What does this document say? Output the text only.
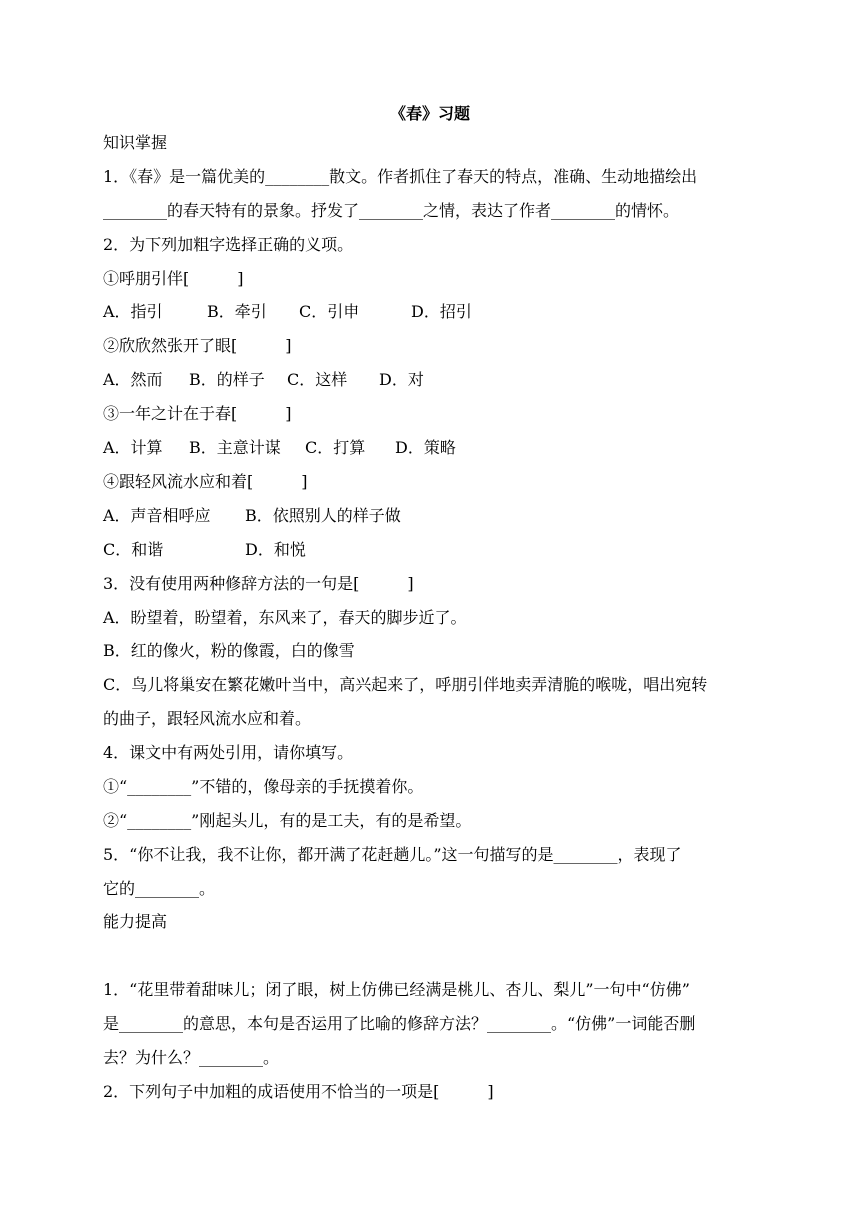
《春》习题
知识掌握
1．《春》是一篇优美的________散文。作者抓住了春天的特点，准确、生动地描绘出
________的春天特有的景象。抒发了________之情，表达了作者________的情怀。
2．为下列加粗字选择正确的义项。
①呼朋引伴[　　　]
A．指引	B．牵引 C．引申	D．招引
②欣欣然张开了眼[　　　]
A．然而 B．的样子 C．这样 D．对
③一年之计在于春[　　　]
A．计算 B．主意计谋 C．打算 D．策略
④跟轻风流水应和着[　　　]
A．声音相呼应 B．依照别人的样子做
C．和谐	D．和悦
3．没有使用两种修辞方法的一句是[　　　]
A．盼望着，盼望着，东风来了，春天的脚步近了。
B．红的像火，粉的像霞，白的像雪
C．鸟儿将巢安在繁花嫩叶当中，高兴起来了，呼朋引伴地卖弄清脆的喉咙，唱出宛转
的曲子，跟轻风流水应和着。
4．课文中有两处引用，请你填写。
①“________”不错的，像母亲的手抚摸着你。
②“________”刚起头儿，有的是工夫，有的是希望。
5．“你不让我，我不让你，都开满了花赶趟儿。”这一句描写的是________，表现了
它的________。
能力提高
1．“花里带着甜味儿；闭了眼，树上仿佛已经满是桃儿、杏儿、梨儿”一句中“仿佛”
是________的意思，本句是否运用了比喻的修辞方法？________。“仿佛”一词能否删
去？为什么？________。
2．下列句子中加粗的成语使用不恰当的一项是[　　　]
